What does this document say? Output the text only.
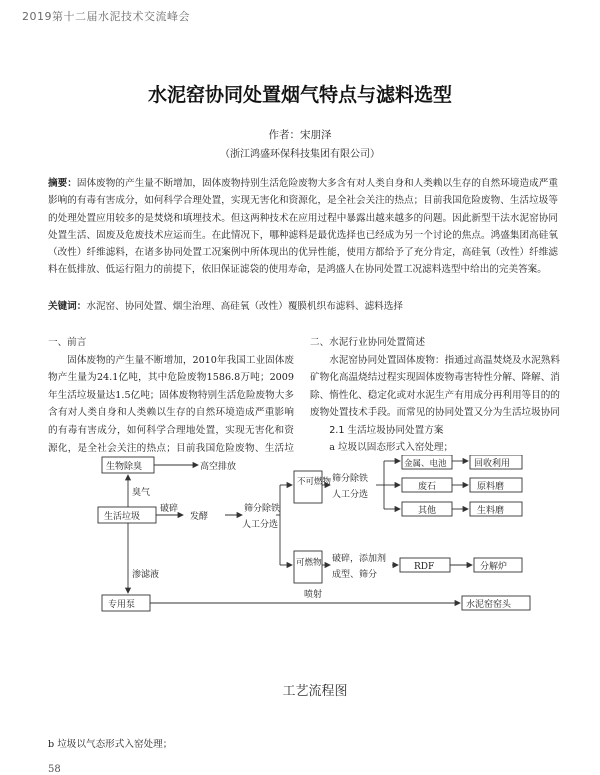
2019第十二届水泥技术交流峰会
水泥窑协同处置烟气特点与滤料选型
作者：宋朋泽
（浙江鸿盛环保科技集团有限公司）

摘要：固体废物的产生量不断增加，固体废物持别生活危险废物大多含有对人类自身和人类赖以生存的自然环境造成严重影响的有毒有害成分，如何科学合理处置，实现无害化和资源化，是全社会关注的热点；目前我国危险废物、生活垃圾等的处理处置应用较多的是焚烧和填埋技术。但这两种技术在应用过程中暴露出越来越多的问题。因此新型干法水泥窑协同处置生活、固废及危废技术应运而生。在此情况下，哪种滤料是最优选择也已经成为另一个讨论的焦点。鸿盛集团高硅氧（改性）纤维滤料，在诸多协同处置工况案例中所体现出的优异性能，使用方都给予了充分肯定，高硅氧（改性）纤维滤料在低排放、低运行阻力的前提下，依旧保证滤袋的使用寿命，是鸿盛人在协同处置工况滤料选型中给出的完美答案。

关键词：水泥窑、协同处置、烟尘治理、高硅氧（改性）覆膜机织布滤料、滤料选择

一、前言

固体废物的产生量不断增加，2010年我国工业固体废物产生量为24.1亿吨，其中危险废物1586.8万吨；2009年生活垃圾量达1.5亿吨；固体废物特别生活危险废物大多含有对人类自身和人类赖以生存的自然环境造成严重影响的有毒有害成分，如何科学合理地处置，实现无害化和资源化，是全社会关注的热点；目前我国危险废物、生活垃

二、水泥行业协同处置简述

水泥窑协同处置固体废物：指通过高温焚烧及水泥熟料矿物化高温烧结过程实现固体废物毒害特性分解、降解、消除、惰性化、稳定化或对水泥生产有用成分再利用等目的的废物处置技术手段。而常见的协同处置又分为生活垃圾协同

2.1 生活垃圾协同处置方案

a 垃圾以固态形式入窑处理；

生物除臭	高空排放
臭气
生活垃圾
破碎
发酵
筛分除铁
人工分选
不可燃物 筛分除铁
人工分选
金属、电池
废石
其他
回收利用
原料磨
生料磨
可燃物 破碎，添加剂
成型、筛分
RDF	分解炉
渗滤液
专用泵
喷射
水泥窑窑头
工艺流程图

b 垃圾以气态形式入窑处理；

58
